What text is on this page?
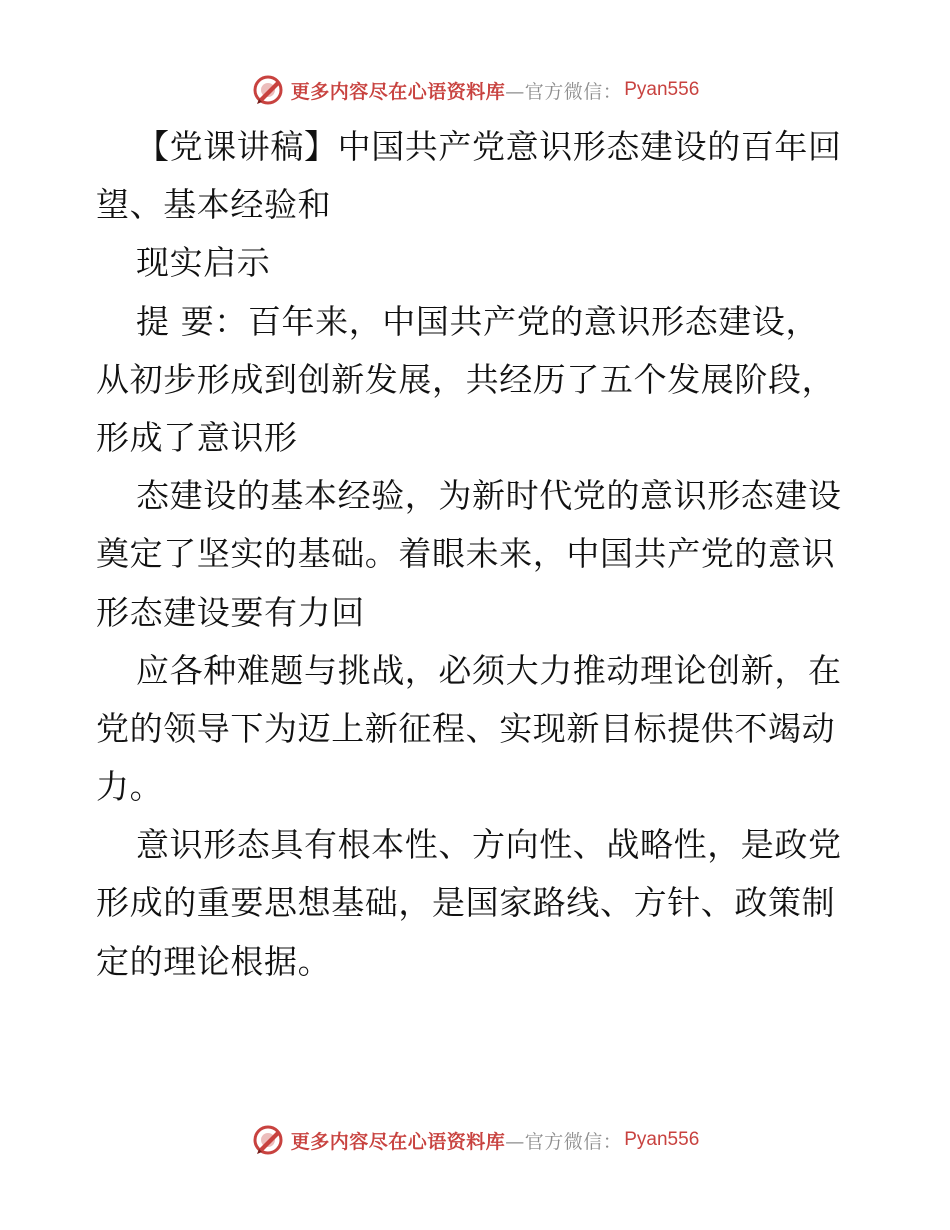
更多内容尽在心语资料库 —官方微信： Pyan556
【党课讲稿】中国共产党意识形态建设的百年回
望、基本经验和
现实启示
提 要：百年来，中国共产党的意识形态建设，
从初步形成到创新发展，共经历了五个发展阶段，
形成了意识形
态建设的基本经验，为新时代党的意识形态建设
奠定了坚实的基础。着眼未来，中国共产党的意识
形态建设要有力回
应各种难题与挑战，必须大力推动理论创新，在
党的领导下为迈上新征程、实现新目标提供不竭动
力。
意识形态具有根本性、方向性、战略性，是政党
形成的重要思想基础，是国家路线、方针、政策制
定的理论根据。
更多内容尽在心语资料库 —官方微信： Pyan556
